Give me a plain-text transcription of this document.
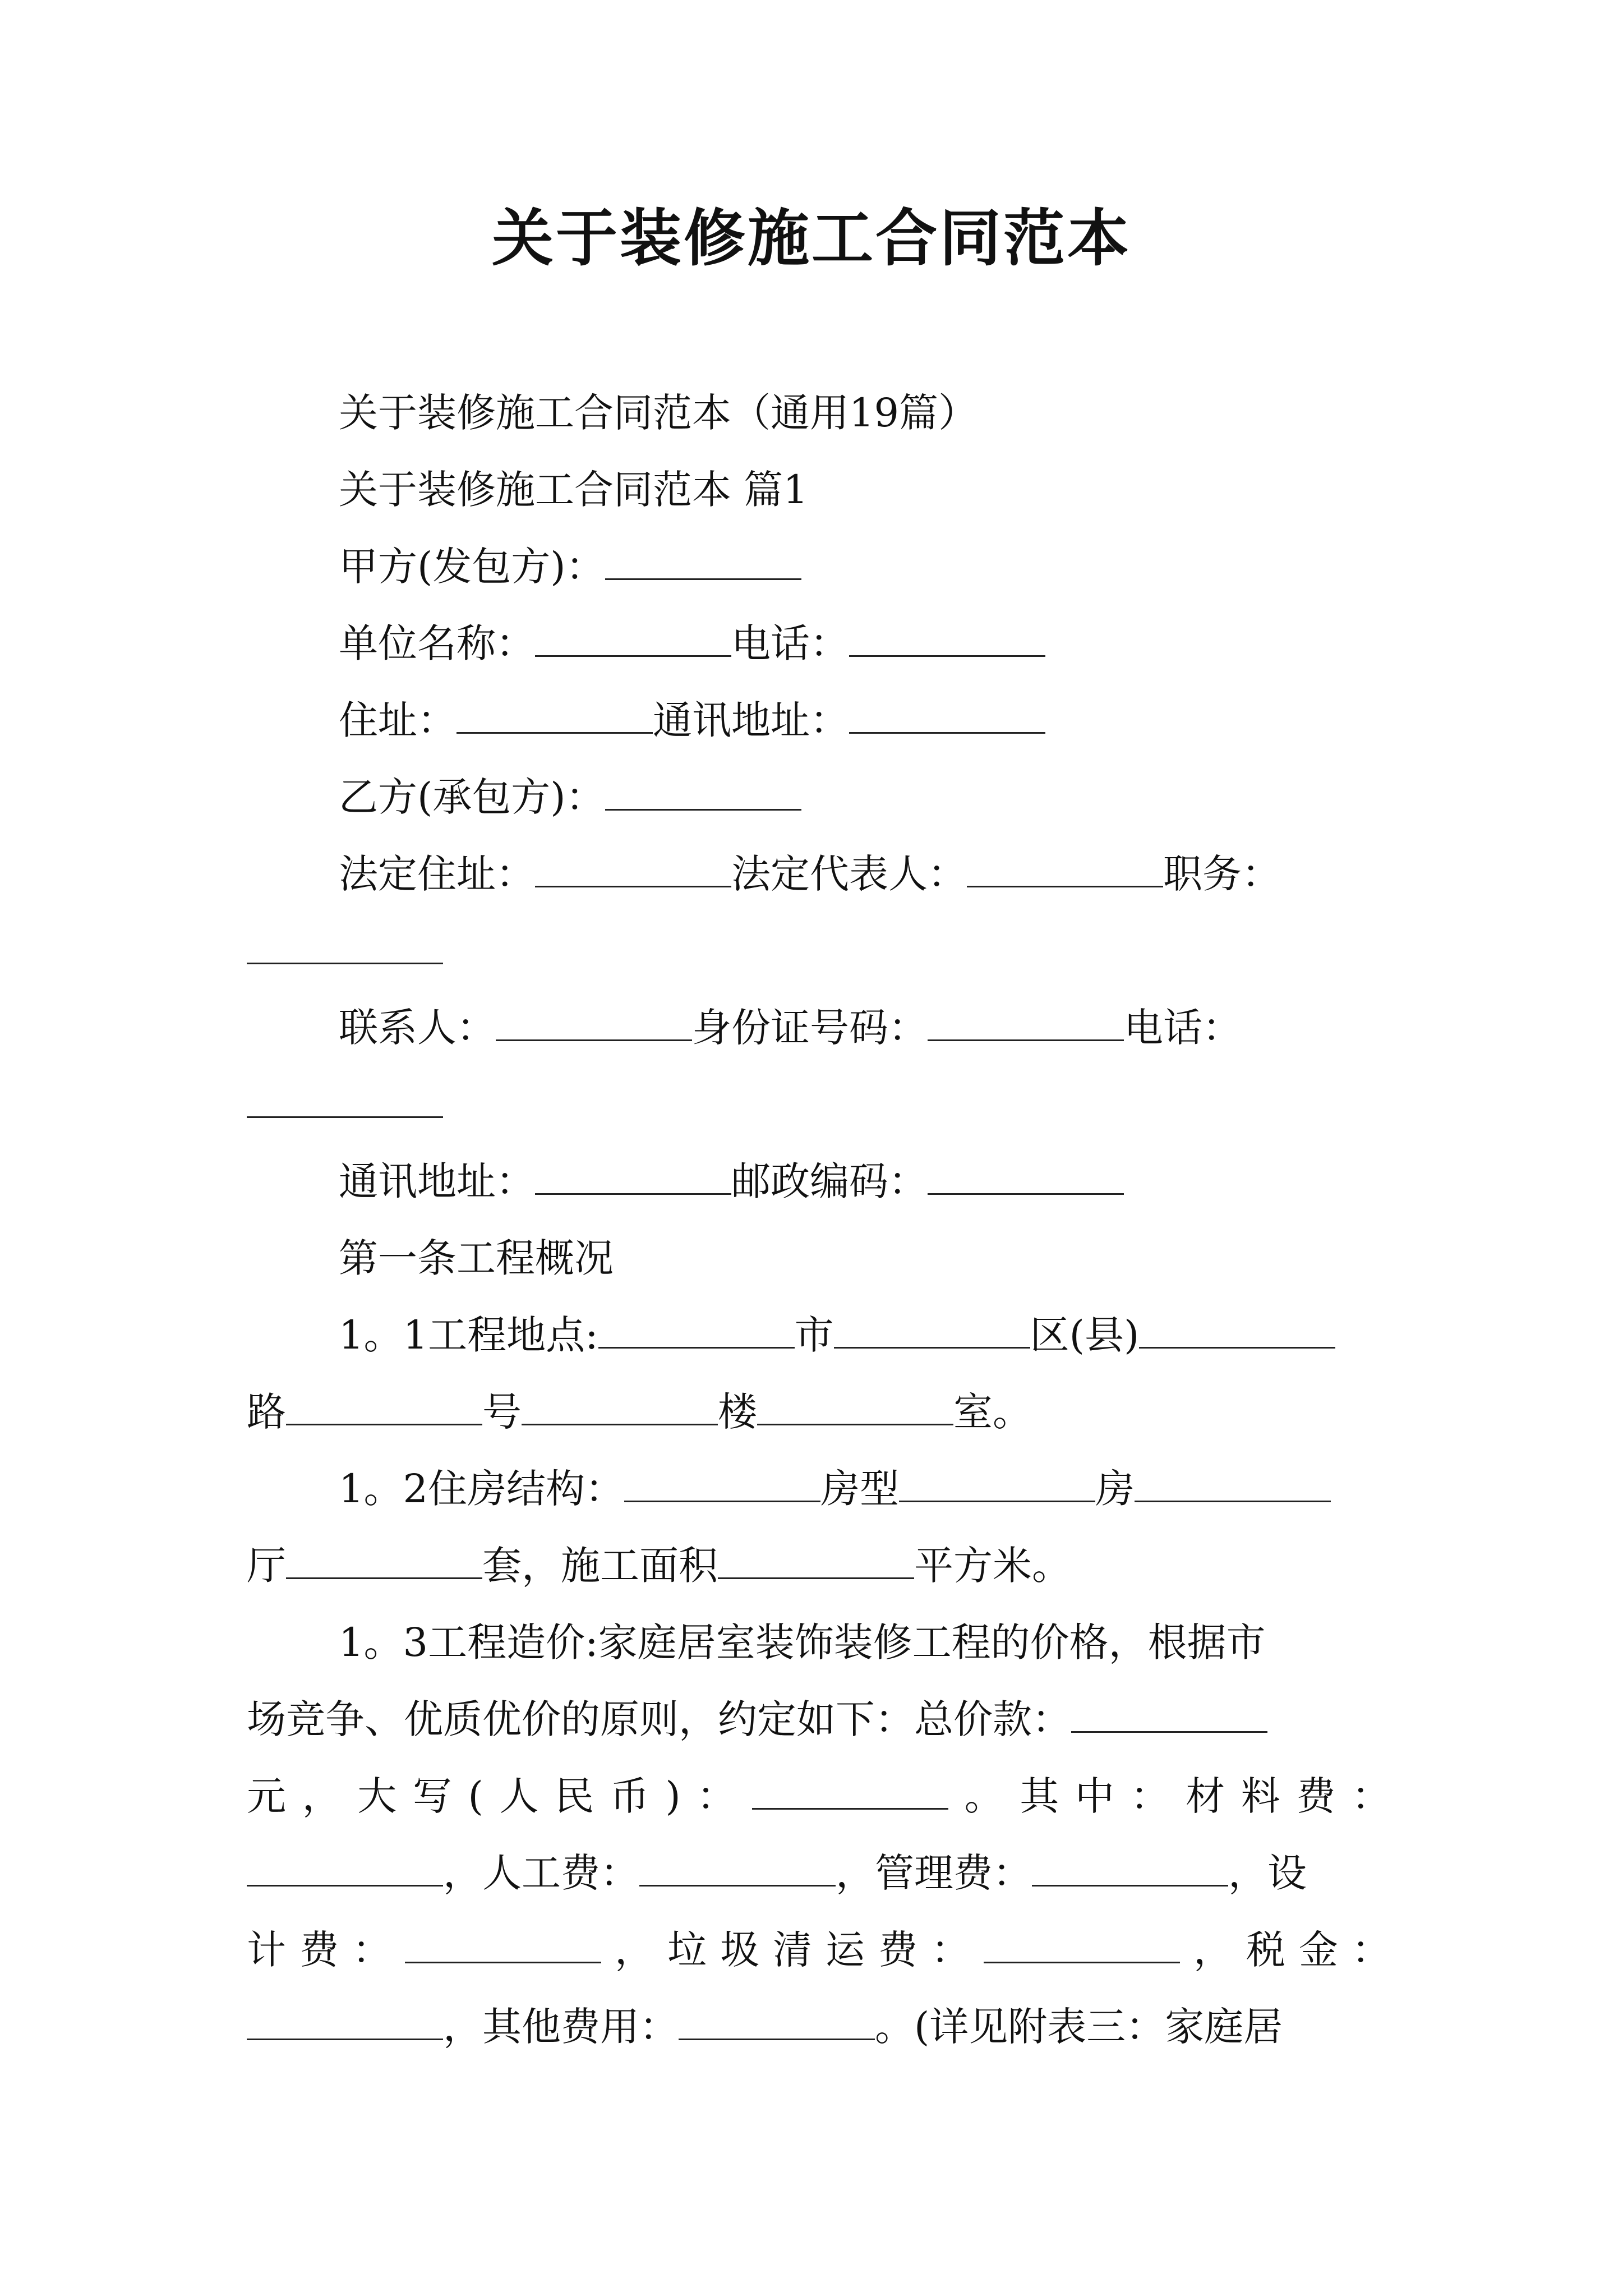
关于装修施工合同范本
关于装修施工合同范本（通用19篇）
关于装修施工合同范本 篇1
甲方(发包方)：
单位名称：	电话：
住址：	通讯地址：
乙方(承包方)：
法定住址：	法定代表人：	职务：
联系人：	身份证号码：	电话：
通讯地址：	邮政编码：
第一条工程概况
1。1工程地点:	市	区(县)
路	号	楼	室。
1。2住房结构：	房型	房
厅	套，施工面积	平方米。
1。3工程造价:家庭居室装饰装修工程的价格，根据市
场竞争、优质优价的原则，约定如下：总价款：
元，大写(人民币)：	。其中：材料费：
，人工费：	，管理费：	，设
计费：	，垃圾清运费：	，税金：
，其他费用：	。(详见附表三：家庭居
